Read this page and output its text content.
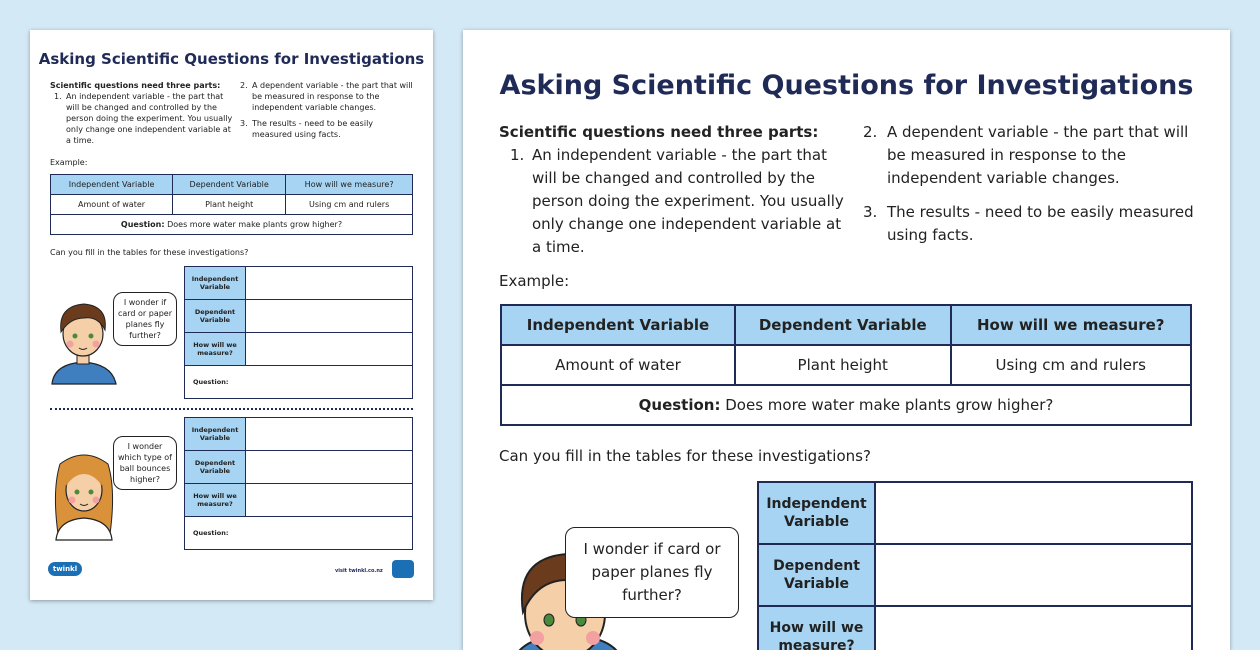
Asking Scientific Questions for Investigations
Scientific questions need three parts:
1. An independent variable - the part that will be changed and controlled by the person doing the experiment. You usually only change one independent variable at a time.
2. A dependent variable - the part that will be measured in response to the independent variable changes.
3. The results - need to be easily measured using facts.
Example:
Independent Variable	Dependent Variable	How will we measure?
Amount of water	Plant height	Using cm and rulers
Question: Does more water make plants grow higher?		
Can you fill in the tables for these investigations?
I wonder if card or paper planes fly further?
Independent Variable	
Dependent Variable	
How will we measure?	
Question:	
I wonder which type of ball bounces higher?
Independent Variable	
Dependent Variable	
How will we measure?	
Question:	
twinkl	visit twinkl.co.nz
Asking Scientific Questions for Investigations
Scientific questions need three parts:
1. An independent variable - the part that will be changed and controlled by the person doing the experiment. You usually only change one independent variable at a time.
2. A dependent variable - the part that will be measured in response to the independent variable changes.
3. The results - need to be easily measured using facts.
Example:
Independent Variable	Dependent Variable	How will we measure?
Amount of water	Plant height	Using cm and rulers
Question: Does more water make plants grow higher?		
Can you fill in the tables for these investigations?
I wonder if card or paper planes fly further?
Independent Variable	
Dependent Variable	
How will we measure?	
